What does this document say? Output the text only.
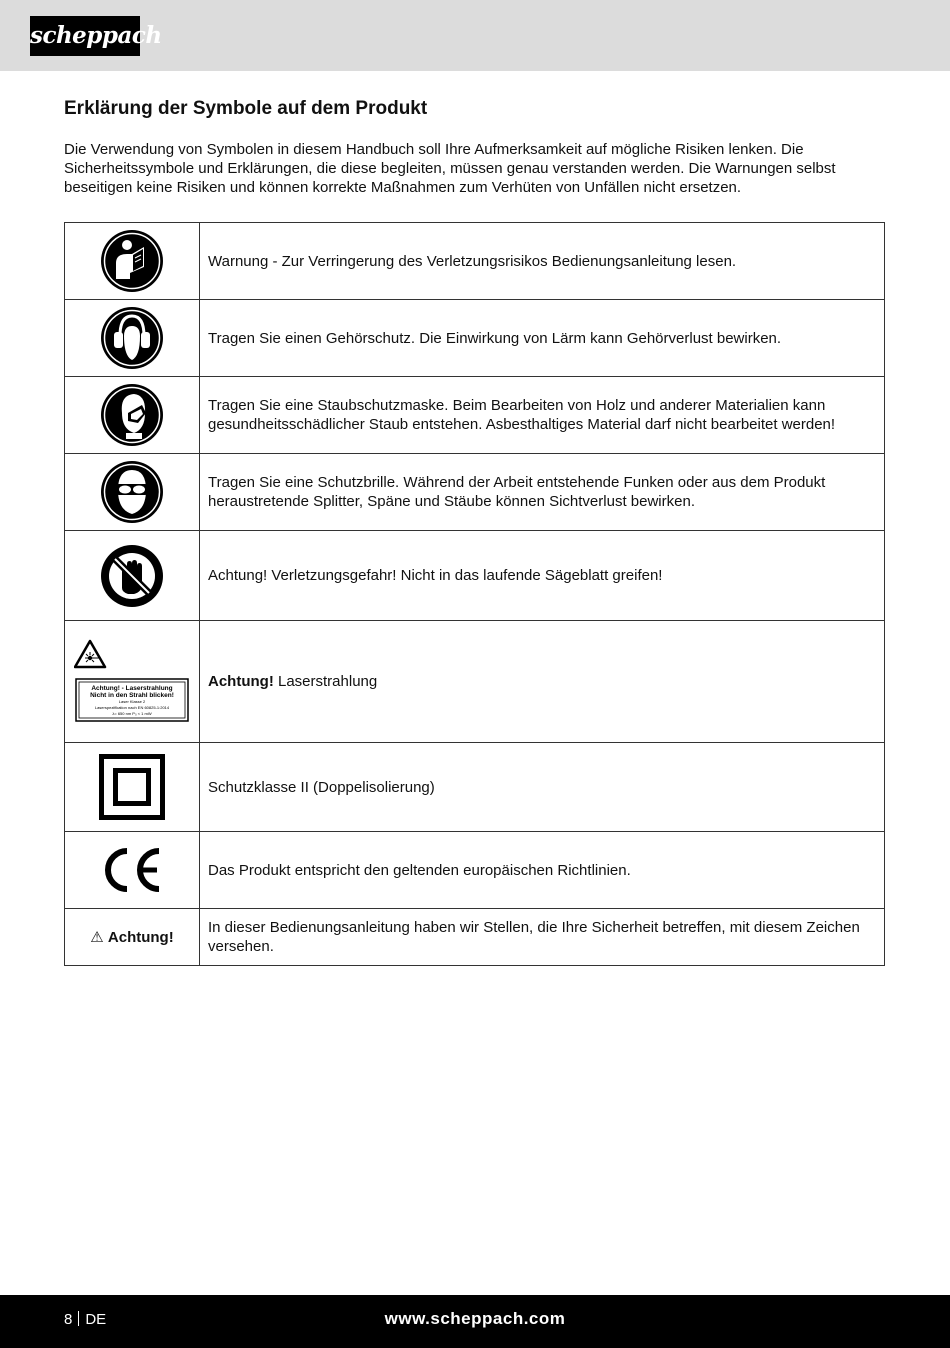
scheppach
Erklärung der Symbole auf dem Produkt
Die Verwendung von Symbolen in diesem Handbuch soll Ihre Aufmerksamkeit auf mögliche Risiken lenken. Die Sicherheitssymbole und Erklärungen, die diese begleiten, müssen genau verstanden werden. Die Warnungen selbst beseitigen keine Risiken und können korrekte Maßnahmen zum Verhüten von Unfällen nicht ersetzen.
	Warnung - Zur Verringerung des Verletzungsrisikos Bedienungsanleitung lesen.

	Tragen Sie einen Gehörschutz. Die Einwirkung von Lärm kann Gehörverlust bewirken.

	Tragen Sie eine Staubschutzmaske. Beim Bearbeiten von Holz und anderer Materialien kann gesundheitsschädlicher Staub entstehen. Asbesthaltiges Material darf nicht bearbeitet werden!

	Tragen Sie eine Schutzbrille. Während der Arbeit entstehende Funken oder aus dem Produkt heraustretende Splitter, Späne und Stäube können Sichtverlust bewirken.

	Achtung! Verletzungsgefahr! Nicht in das laufende Sägeblatt greifen!

Achtung! - Laserstrahlung
Nicht in den Strahl blicken!
Laser Klasse 2
Laserspezifikation nach EN 60825-1:2014
λ= 650 nm P₀ < 1 mW	Achtung! Laserstrahlung

	Schutzklasse II (Doppelisolierung)

	Das Produkt entspricht den geltenden europäischen Richtlinien.
⚠ Achtung!	In dieser Bedienungsanleitung haben wir Stellen, die Ihre Sicherheit betreffen, mit diesem Zeichen versehen.
8 DE	www.scheppach.com
